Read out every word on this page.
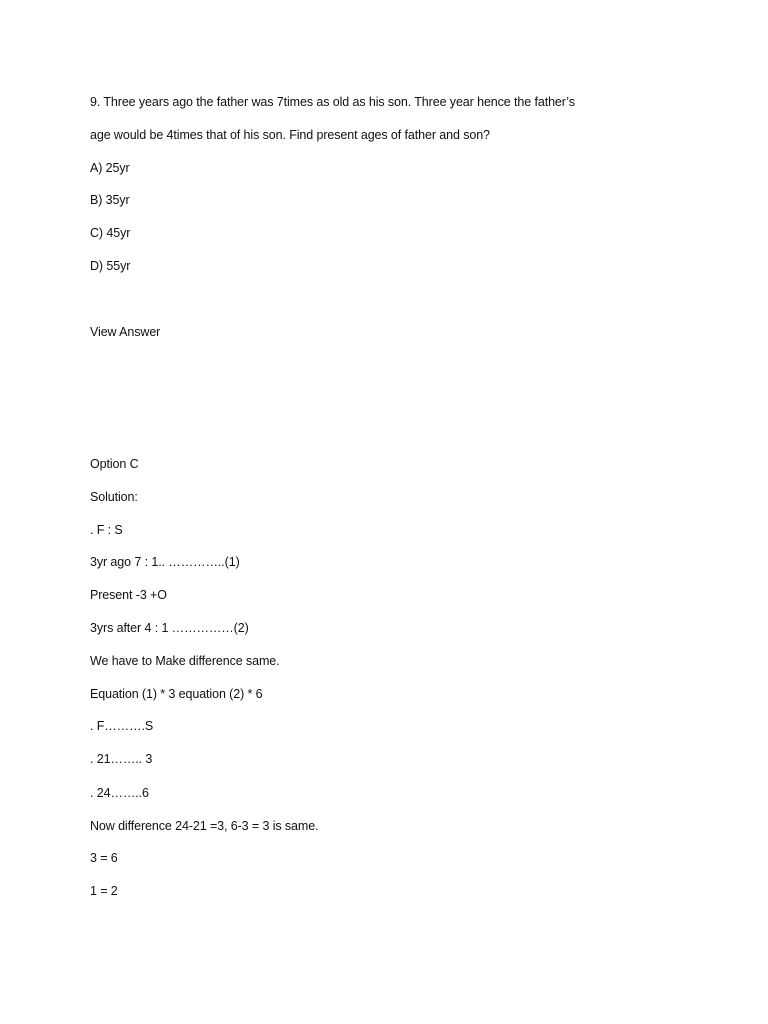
9. Three years ago the father was 7times as old as his son. Three year hence the father’s
age would be 4times that of his son. Find present ages of father and son?
A) 25yr
B) 35yr
C) 45yr
D) 55yr
View Answer
Option C
Solution:
. F : S
3yr ago 7 : 1.. …………..(1)
Present -3 +O
3yrs after 4 : 1 ……………(2)
We have to Make difference same.
Equation (1) * 3 equation (2) * 6
. F……….S
. 21…….. 3
. 24……..6
Now difference 24-21 =3, 6-3 = 3 is same.
3 = 6
1 = 2
